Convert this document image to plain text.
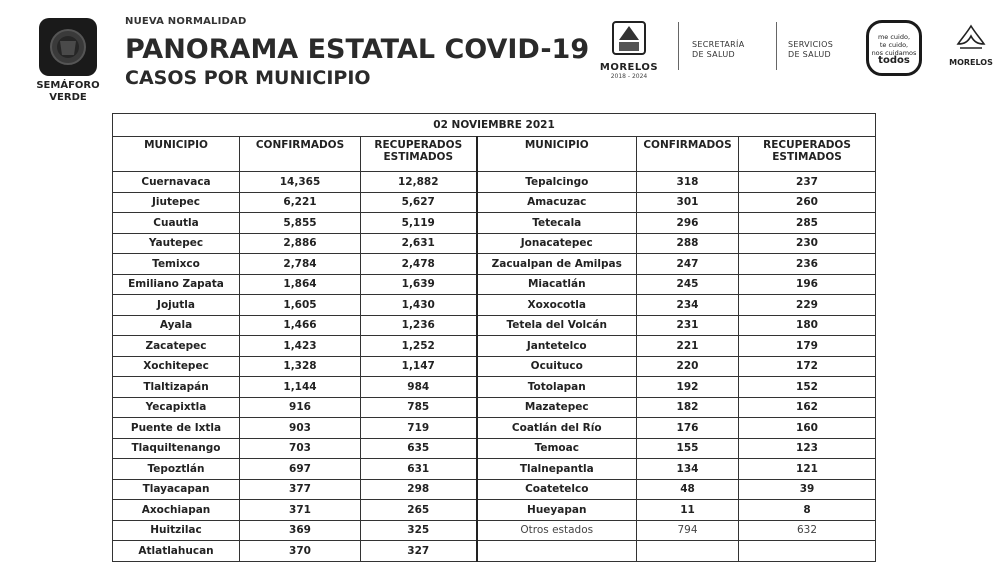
SEMÁFORO VERDE
NUEVA NORMALIDAD
PANORAMA ESTATAL COVID-19
CASOS POR MUNICIPIO	MORELOS
2018 - 2024
SECRETARÍA
DE SALUD
SERVICIOS
DE SALUD
me cuido,
te cuido,
nos cuidamos
todos	MORELOS
02 NOVIEMBRE 2021					
MUNICIPIO	CONFIRMADOS	RECUPERADOS ESTIMADOS	MUNICIPIO	CONFIRMADOS	RECUPERADOS ESTIMADOS
Cuernavaca	14,365	12,882	Tepalcingo	318	237
Jiutepec	6,221	5,627	Amacuzac	301	260
Cuautla	5,855	5,119	Tetecala	296	285
Yautepec	2,886	2,631	Jonacatepec	288	230
Temixco	2,784	2,478	Zacualpan de Amilpas	247	236
Emiliano Zapata	1,864	1,639	Miacatlán	245	196
Jojutla	1,605	1,430	Xoxocotla	234	229
Ayala	1,466	1,236	Tetela del Volcán	231	180
Zacatepec	1,423	1,252	Jantetelco	221	179
Xochitepec	1,328	1,147	Ocuituco	220	172
Tlaltizapán	1,144	984	Totolapan	192	152
Yecapixtla	916	785	Mazatepec	182	162
Puente de Ixtla	903	719	Coatlán del Río	176	160
Tlaquiltenango	703	635	Temoac	155	123
Tepoztlán	697	631	Tlalnepantla	134	121
Tlayacapan	377	298	Coatetelco	48	39
Axochiapan	371	265	Hueyapan	11	8
Huitzilac	369	325	Otros estados	794	632
Atlatlahucan	370	327			
